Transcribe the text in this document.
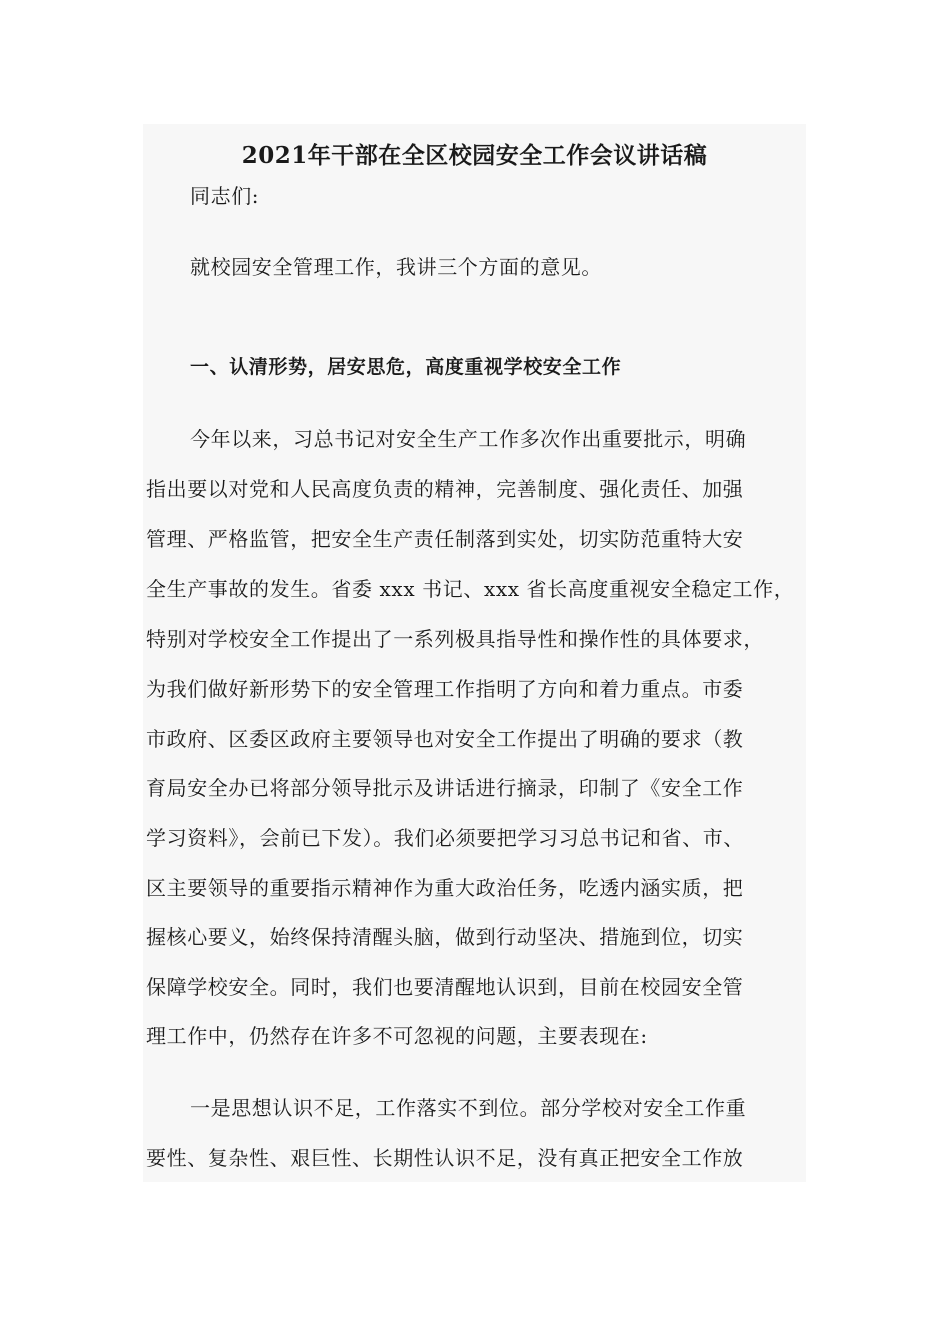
2021年干部在全区校园安全工作会议讲话稿

同志们:

就校园安全管理工作，我讲三个方面的意见。

一、认清形势，居安思危，高度重视学校安全工作

今年以来，习总书记对安全生产工作多次作出重要批示，明确

指出要以对党和人民高度负责的精神，完善制度、强化责任、加强

管理、严格监管，把安全生产责任制落到实处，切实防范重特大安

全生产事故的发生。省委 xxx 书记、xxx 省长高度重视安全稳定工作，

特别对学校安全工作提出了一系列极具指导性和操作性的具体要求，

为我们做好新形势下的安全管理工作指明了方向和着力重点。市委

市政府、区委区政府主要领导也对安全工作提出了明确的要求（教

育局安全办已将部分领导批示及讲话进行摘录，印制了《安全工作

学习资料》，会前已下发）。我们必须要把学习习总书记和省、市、

区主要领导的重要指示精神作为重大政治任务，吃透内涵实质，把

握核心要义，始终保持清醒头脑，做到行动坚决、措施到位，切实

保障学校安全。同时，我们也要清醒地认识到，目前在校园安全管

理工作中，仍然存在许多不可忽视的问题，主要表现在:

一是思想认识不足，工作落实不到位。部分学校对安全工作重

要性、复杂性、艰巨性、长期性认识不足，没有真正把安全工作放
